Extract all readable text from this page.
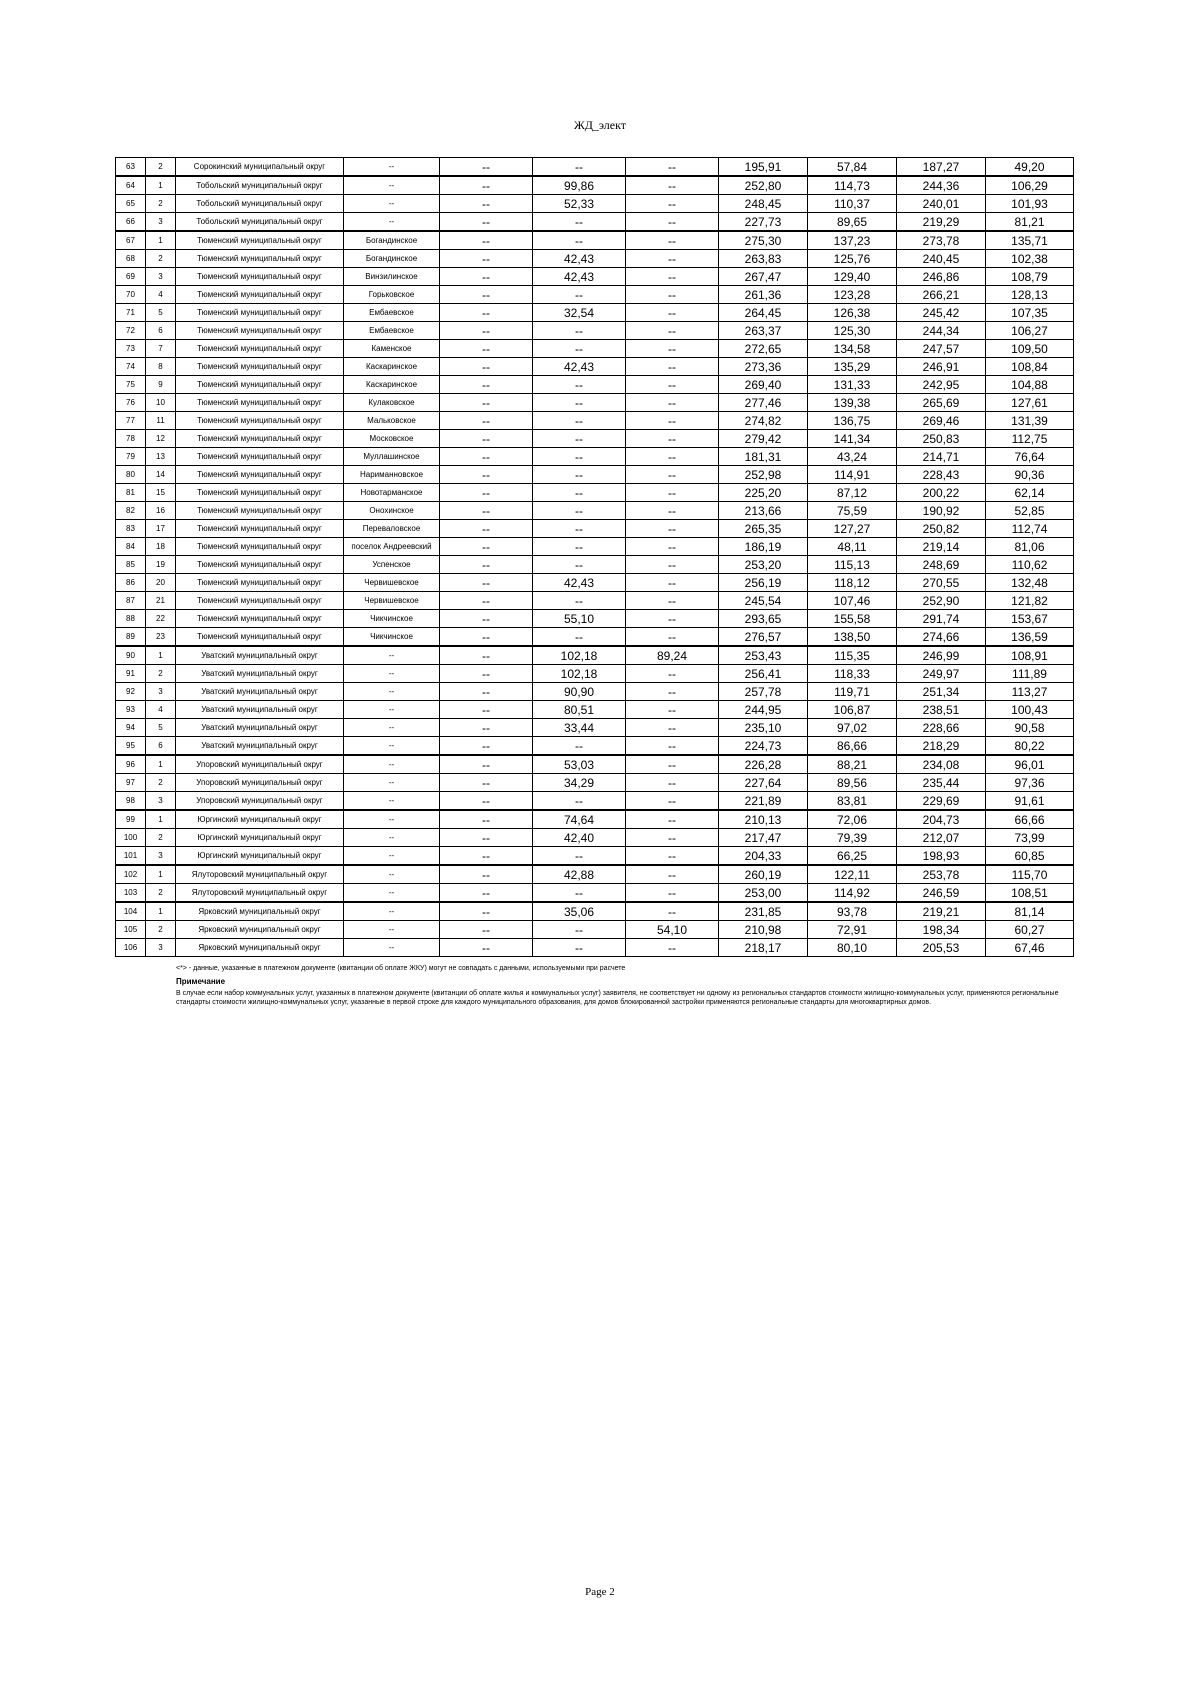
ЖД_элект
63	2	Сорокинский муниципальный округ	--	--	--	--	195,91	57,84	187,27	49,20
64	1	Тобольский муниципальный округ	--	--	99,86	--	252,80	114,73	244,36	106,29
65	2	Тобольский муниципальный округ	--	--	52,33	--	248,45	110,37	240,01	101,93
66	3	Тобольский муниципальный округ	--	--	--	--	227,73	89,65	219,29	81,21
67	1	Тюменский муниципальный округ	Богандинское	--	--	--	275,30	137,23	273,78	135,71
68	2	Тюменский муниципальный округ	Богандинское	--	42,43	--	263,83	125,76	240,45	102,38
69	3	Тюменский муниципальный округ	Винзилинское	--	42,43	--	267,47	129,40	246,86	108,79
70	4	Тюменский муниципальный округ	Горьковское	--	--	--	261,36	123,28	266,21	128,13
71	5	Тюменский муниципальный округ	Ембаевское	--	32,54	--	264,45	126,38	245,42	107,35
72	6	Тюменский муниципальный округ	Ембаевское	--	--	--	263,37	125,30	244,34	106,27
73	7	Тюменский муниципальный округ	Каменское	--	--	--	272,65	134,58	247,57	109,50
74	8	Тюменский муниципальный округ	Каскаринское	--	42,43	--	273,36	135,29	246,91	108,84
75	9	Тюменский муниципальный округ	Каскаринское	--	--	--	269,40	131,33	242,95	104,88
76	10	Тюменский муниципальный округ	Кулаковское	--	--	--	277,46	139,38	265,69	127,61
77	11	Тюменский муниципальный округ	Мальковское	--	--	--	274,82	136,75	269,46	131,39
78	12	Тюменский муниципальный округ	Московское	--	--	--	279,42	141,34	250,83	112,75
79	13	Тюменский муниципальный округ	Муллашинское	--	--	--	181,31	43,24	214,71	76,64
80	14	Тюменский муниципальный округ	Нариманновское	--	--	--	252,98	114,91	228,43	90,36
81	15	Тюменский муниципальный округ	Новотарманское	--	--	--	225,20	87,12	200,22	62,14
82	16	Тюменский муниципальный округ	Онохинское	--	--	--	213,66	75,59	190,92	52,85
83	17	Тюменский муниципальный округ	Переваловское	--	--	--	265,35	127,27	250,82	112,74
84	18	Тюменский муниципальный округ	поселок Андреевский	--	--	--	186,19	48,11	219,14	81,06
85	19	Тюменский муниципальный округ	Успенское	--	--	--	253,20	115,13	248,69	110,62
86	20	Тюменский муниципальный округ	Червишевское	--	42,43	--	256,19	118,12	270,55	132,48
87	21	Тюменский муниципальный округ	Червишевское	--	--	--	245,54	107,46	252,90	121,82
88	22	Тюменский муниципальный округ	Чикчинское	--	55,10	--	293,65	155,58	291,74	153,67
89	23	Тюменский муниципальный округ	Чикчинское	--	--	--	276,57	138,50	274,66	136,59
90	1	Уватский муниципальный округ	--	--	102,18	89,24	253,43	115,35	246,99	108,91
91	2	Уватский муниципальный округ	--	--	102,18	--	256,41	118,33	249,97	111,89
92	3	Уватский муниципальный округ	--	--	90,90	--	257,78	119,71	251,34	113,27
93	4	Уватский муниципальный округ	--	--	80,51	--	244,95	106,87	238,51	100,43
94	5	Уватский муниципальный округ	--	--	33,44	--	235,10	97,02	228,66	90,58
95	6	Уватский муниципальный округ	--	--	--	--	224,73	86,66	218,29	80,22
96	1	Упоровский муниципальный округ	--	--	53,03	--	226,28	88,21	234,08	96,01
97	2	Упоровский муниципальный округ	--	--	34,29	--	227,64	89,56	235,44	97,36
98	3	Упоровский муниципальный округ	--	--	--	--	221,89	83,81	229,69	91,61
99	1	Юргинский муниципальный округ	--	--	74,64	--	210,13	72,06	204,73	66,66
100	2	Юргинский муниципальный округ	--	--	42,40	--	217,47	79,39	212,07	73,99
101	3	Юргинский муниципальный округ	--	--	--	--	204,33	66,25	198,93	60,85
102	1	Ялуторовский муниципальный округ	--	--	42,88	--	260,19	122,11	253,78	115,70
103	2	Ялуторовский муниципальный округ	--	--	--	--	253,00	114,92	246,59	108,51
104	1	Ярковский муниципальный округ	--	--	35,06	--	231,85	93,78	219,21	81,14
105	2	Ярковский муниципальный округ	--	--	--	54,10	210,98	72,91	198,34	60,27
106	3	Ярковский муниципальный округ	--	--	--	--	218,17	80,10	205,53	67,46

<*> - данные, указанные в платежном документе (квитанции об оплате ЖКУ) могут не совпадать с данными, используемыми при расчете

Примечание

В случае если набор коммунальных услуг, указанных в платежном документе (квитанции об оплате жилья и коммунальных услуг) заявителя, не соответствует ни одному из региональных стандартов стоимости жилищно-коммунальных услуг, применяются региональные стандарты стоимости жилищно-коммунальных услуг, указанные в первой строке для каждого муниципального образования, для домов блокированной застройки применяются региональные стандарты для многоквартирных домов.

Page 2
